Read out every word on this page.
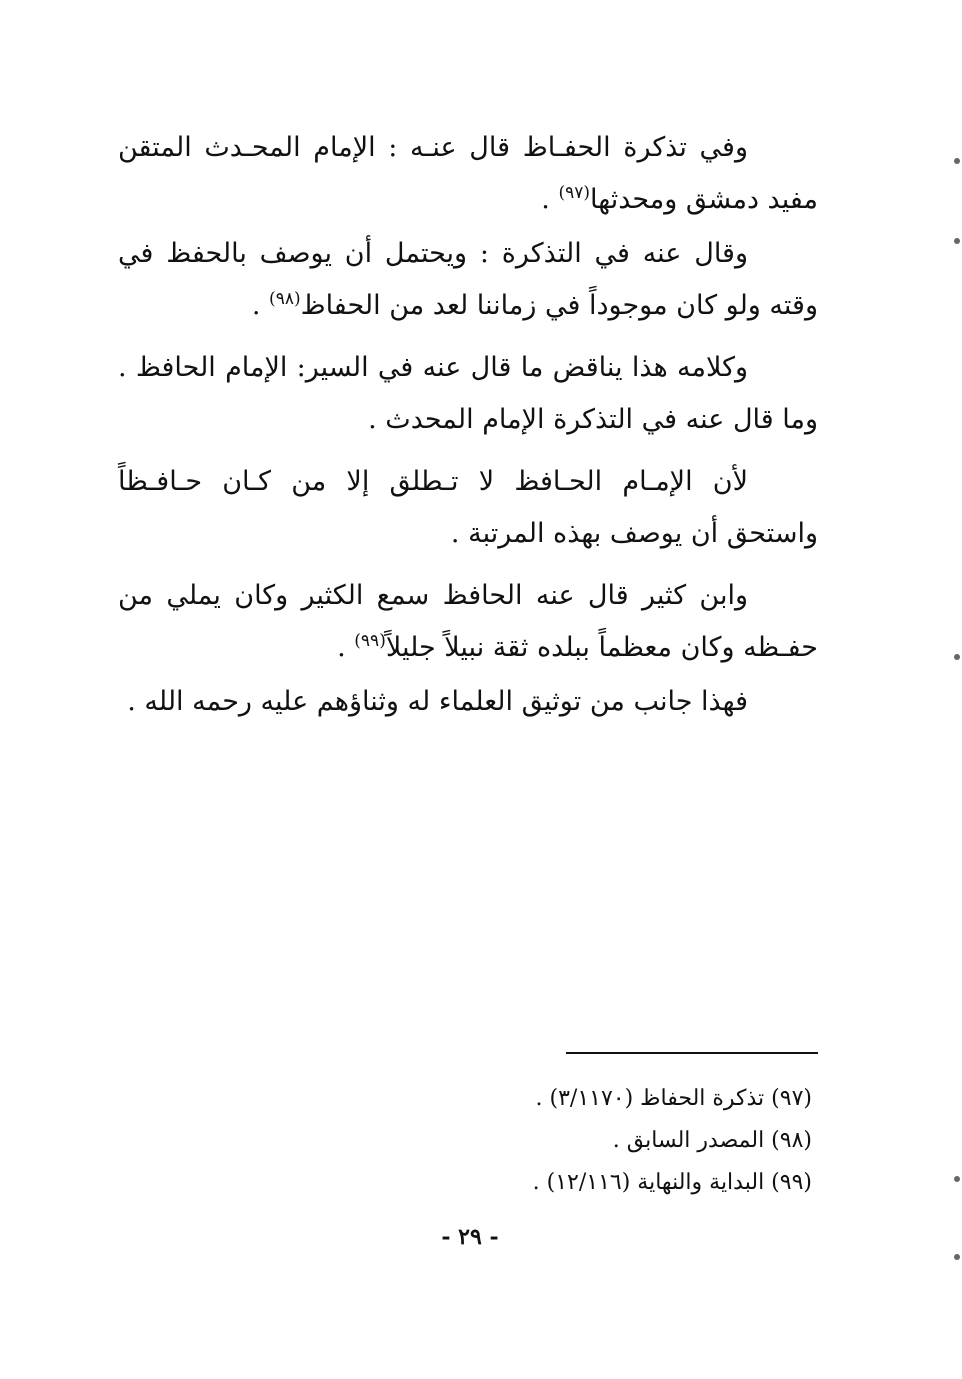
وفي تذكرة الحفـاظ قال عنـه : الإمام المحـدث المتقن مفيد دمشق ومحدثها$^{(٩٧)}$ .

وقال عنه في التذكرة : ويحتمل أن يوصف بالحفظ في وقته ولو كان موجوداً في زماننا لعد من الحفاظ$^{(٩٨)}$ .

وكلامه هذا يناقض ما قال عنه في السير: الإمام الحافظ . وما قال عنه في التذكرة الإمام المحدث .

لأن الإمـام الحـافظ لا تـطلق إلا من كـان حـافـظاً واستحق أن يوصف بهذه المرتبة .

وابن كثير قال عنه الحافظ سمع الكثير وكان يملي من حفـظه وكان معظماً ببلده ثقة نبيلاً جليلاً$^{(٩٩)}$ .

فهذا جانب من توثيق العلماء له وثناؤهم عليه رحمه الله .

(٩٧) تذكرة الحفاظ (٣/١١٧٠) .

(٩٨) المصدر السابق .

(٩٩) البداية والنهاية (١٢/١١٦) .

- ٢٩ -
